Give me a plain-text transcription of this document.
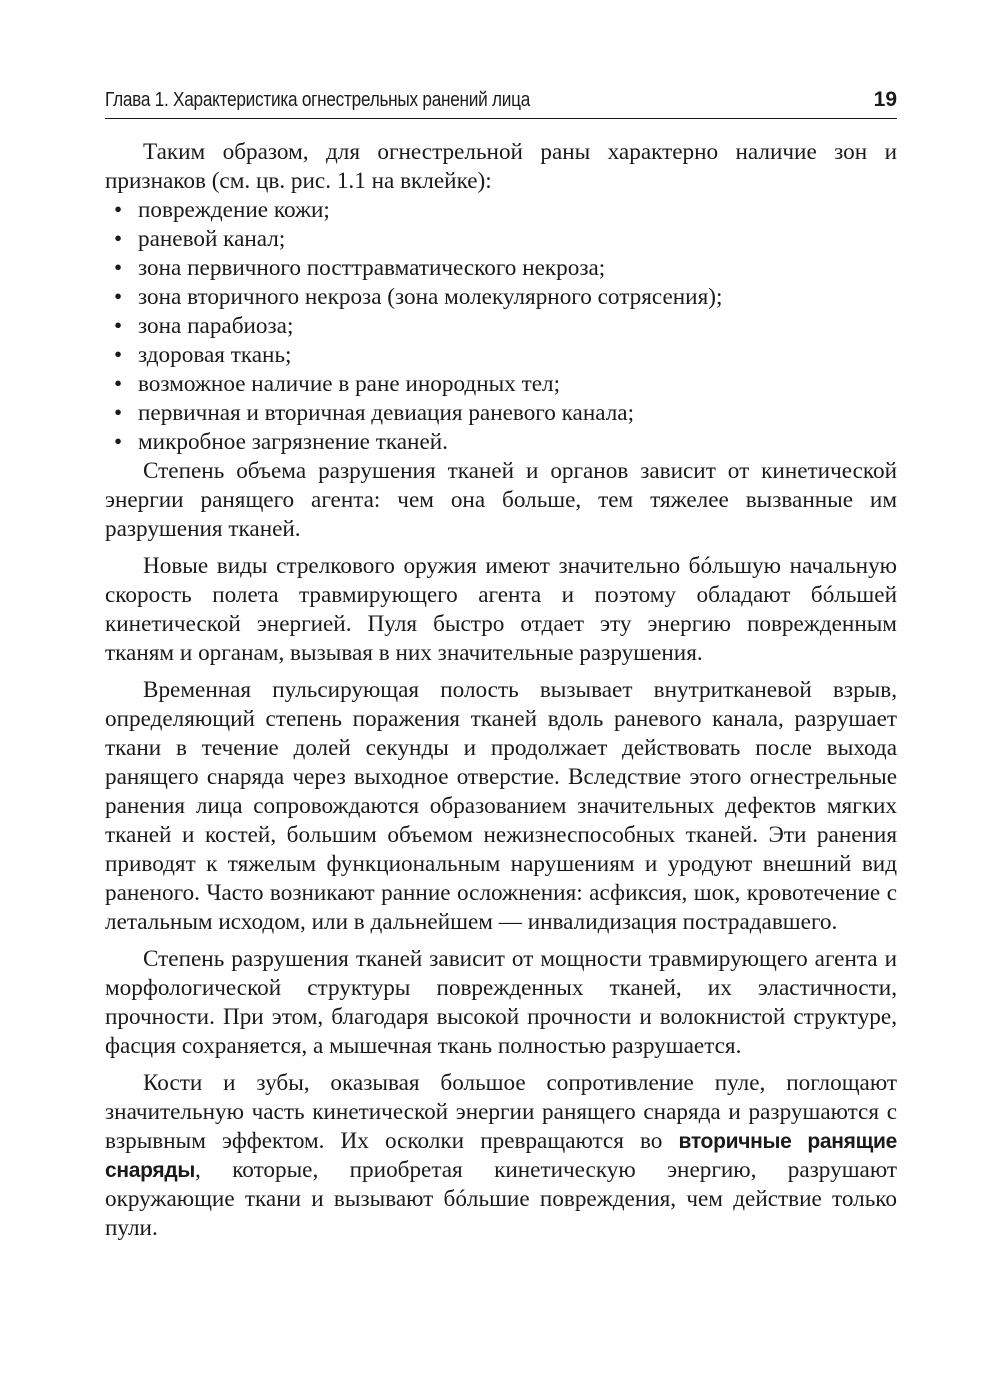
Глава 1. Характеристика огнестрельных ранений лица	19

Таким образом, для огнестрельной раны характерно наличие зон и признаков (см. цв. рис. 1.1 на вклейке):

• повреждение кожи;
• раневой канал;
• зона первичного посттравматического некроза;
• зона вторичного некроза (зона молекулярного сотрясения);
• зона парабиоза;
• здоровая ткань;
• возможное наличие в ране инородных тел;
• первичная и вторичная девиация раневого канала;
• микробное загрязнение тканей.

Степень объема разрушения тканей и органов зависит от кинетической энергии ранящего агента: чем она больше, тем тяжелее вызванные им разрушения тканей.

Новые виды стрелкового оружия имеют значительно бóльшую начальную скорость полета травмирующего агента и поэтому обладают бóльшей кинетической энергией. Пуля быстро отдает эту энергию поврежденным тканям и органам, вызывая в них значительные разрушения.

Временная пульсирующая полость вызывает внутритканевой взрыв, определяющий степень поражения тканей вдоль раневого канала, разрушает ткани в течение долей секунды и продолжает действовать после выхода ранящего снаряда через выходное отверстие. Вследствие этого огнестрельные ранения лица сопровождаются образованием значительных дефектов мягких тканей и костей, большим объемом нежизнеспособных тканей. Эти ранения приводят к тяжелым функциональным нарушениям и уродуют внешний вид раненого. Часто возникают ранние осложнения: асфиксия, шок, кровотечение с летальным исходом, или в дальнейшем — инвалидизация пострадавшего.

Степень разрушения тканей зависит от мощности травмирующего агента и морфологической структуры поврежденных тканей, их эластичности, прочности. При этом, благодаря высокой прочности и волокнистой структуре, фасция сохраняется, а мышечная ткань полностью разрушается.

Кости и зубы, оказывая большое сопротивление пуле, поглощают значительную часть кинетической энергии ранящего снаряда и разрушаются с взрывным эффектом. Их осколки превращаются во вторичные ранящие снаряды, которые, приобретая кинетическую энергию, разрушают окружающие ткани и вызывают бóльшие повреждения, чем действие только пули.
